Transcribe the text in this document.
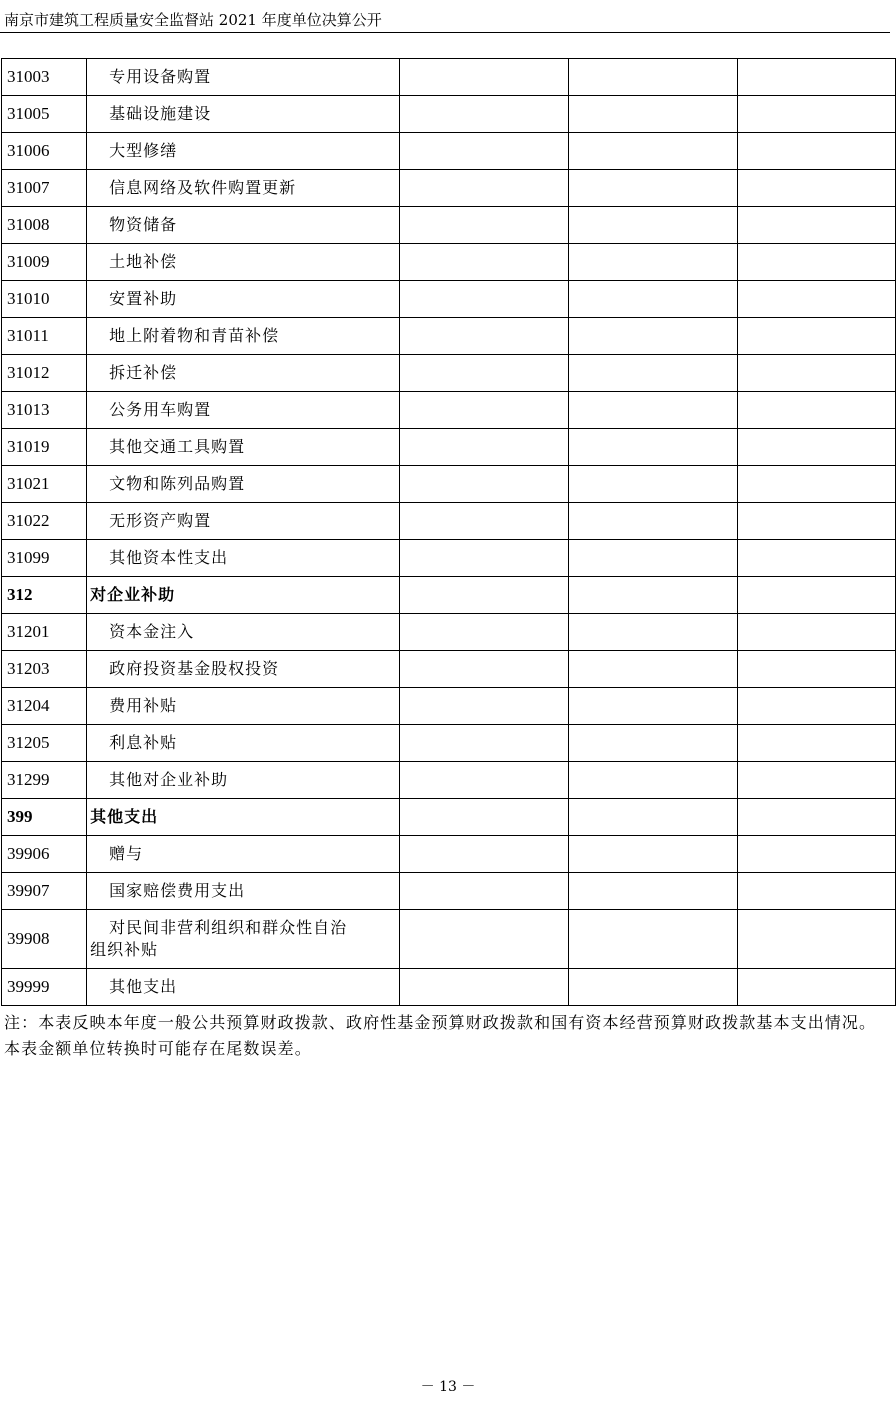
南京市建筑工程质量安全监督站 2021 年度单位决算公开
31003	专用设备购置			
31005	基础设施建设			
31006	大型修缮			
31007	信息网络及软件购置更新			
31008	物资储备			
31009	土地补偿			
31010	安置补助			
31011	地上附着物和青苗补偿			
31012	拆迁补偿			
31013	公务用车购置			
31019	其他交通工具购置			
31021	文物和陈列品购置			
31022	无形资产购置			
31099	其他资本性支出			
312	对企业补助			
31201	资本金注入			
31203	政府投资基金股权投资			
31204	费用补贴			
31205	利息补贴			
31299	其他对企业补助			
399	其他支出			
39906	赠与			
39907	国家赔偿费用支出			
39908	对民间非营利组织和群众性自治
组织补贴			

39999	其他支出			
注：本表反映本年度一般公共预算财政拨款、政府性基金预算财政拨款和国有资本经营预算财政拨款基本支出情况。本表金额单位转换时可能存在尾数误差。
－ 13 －
